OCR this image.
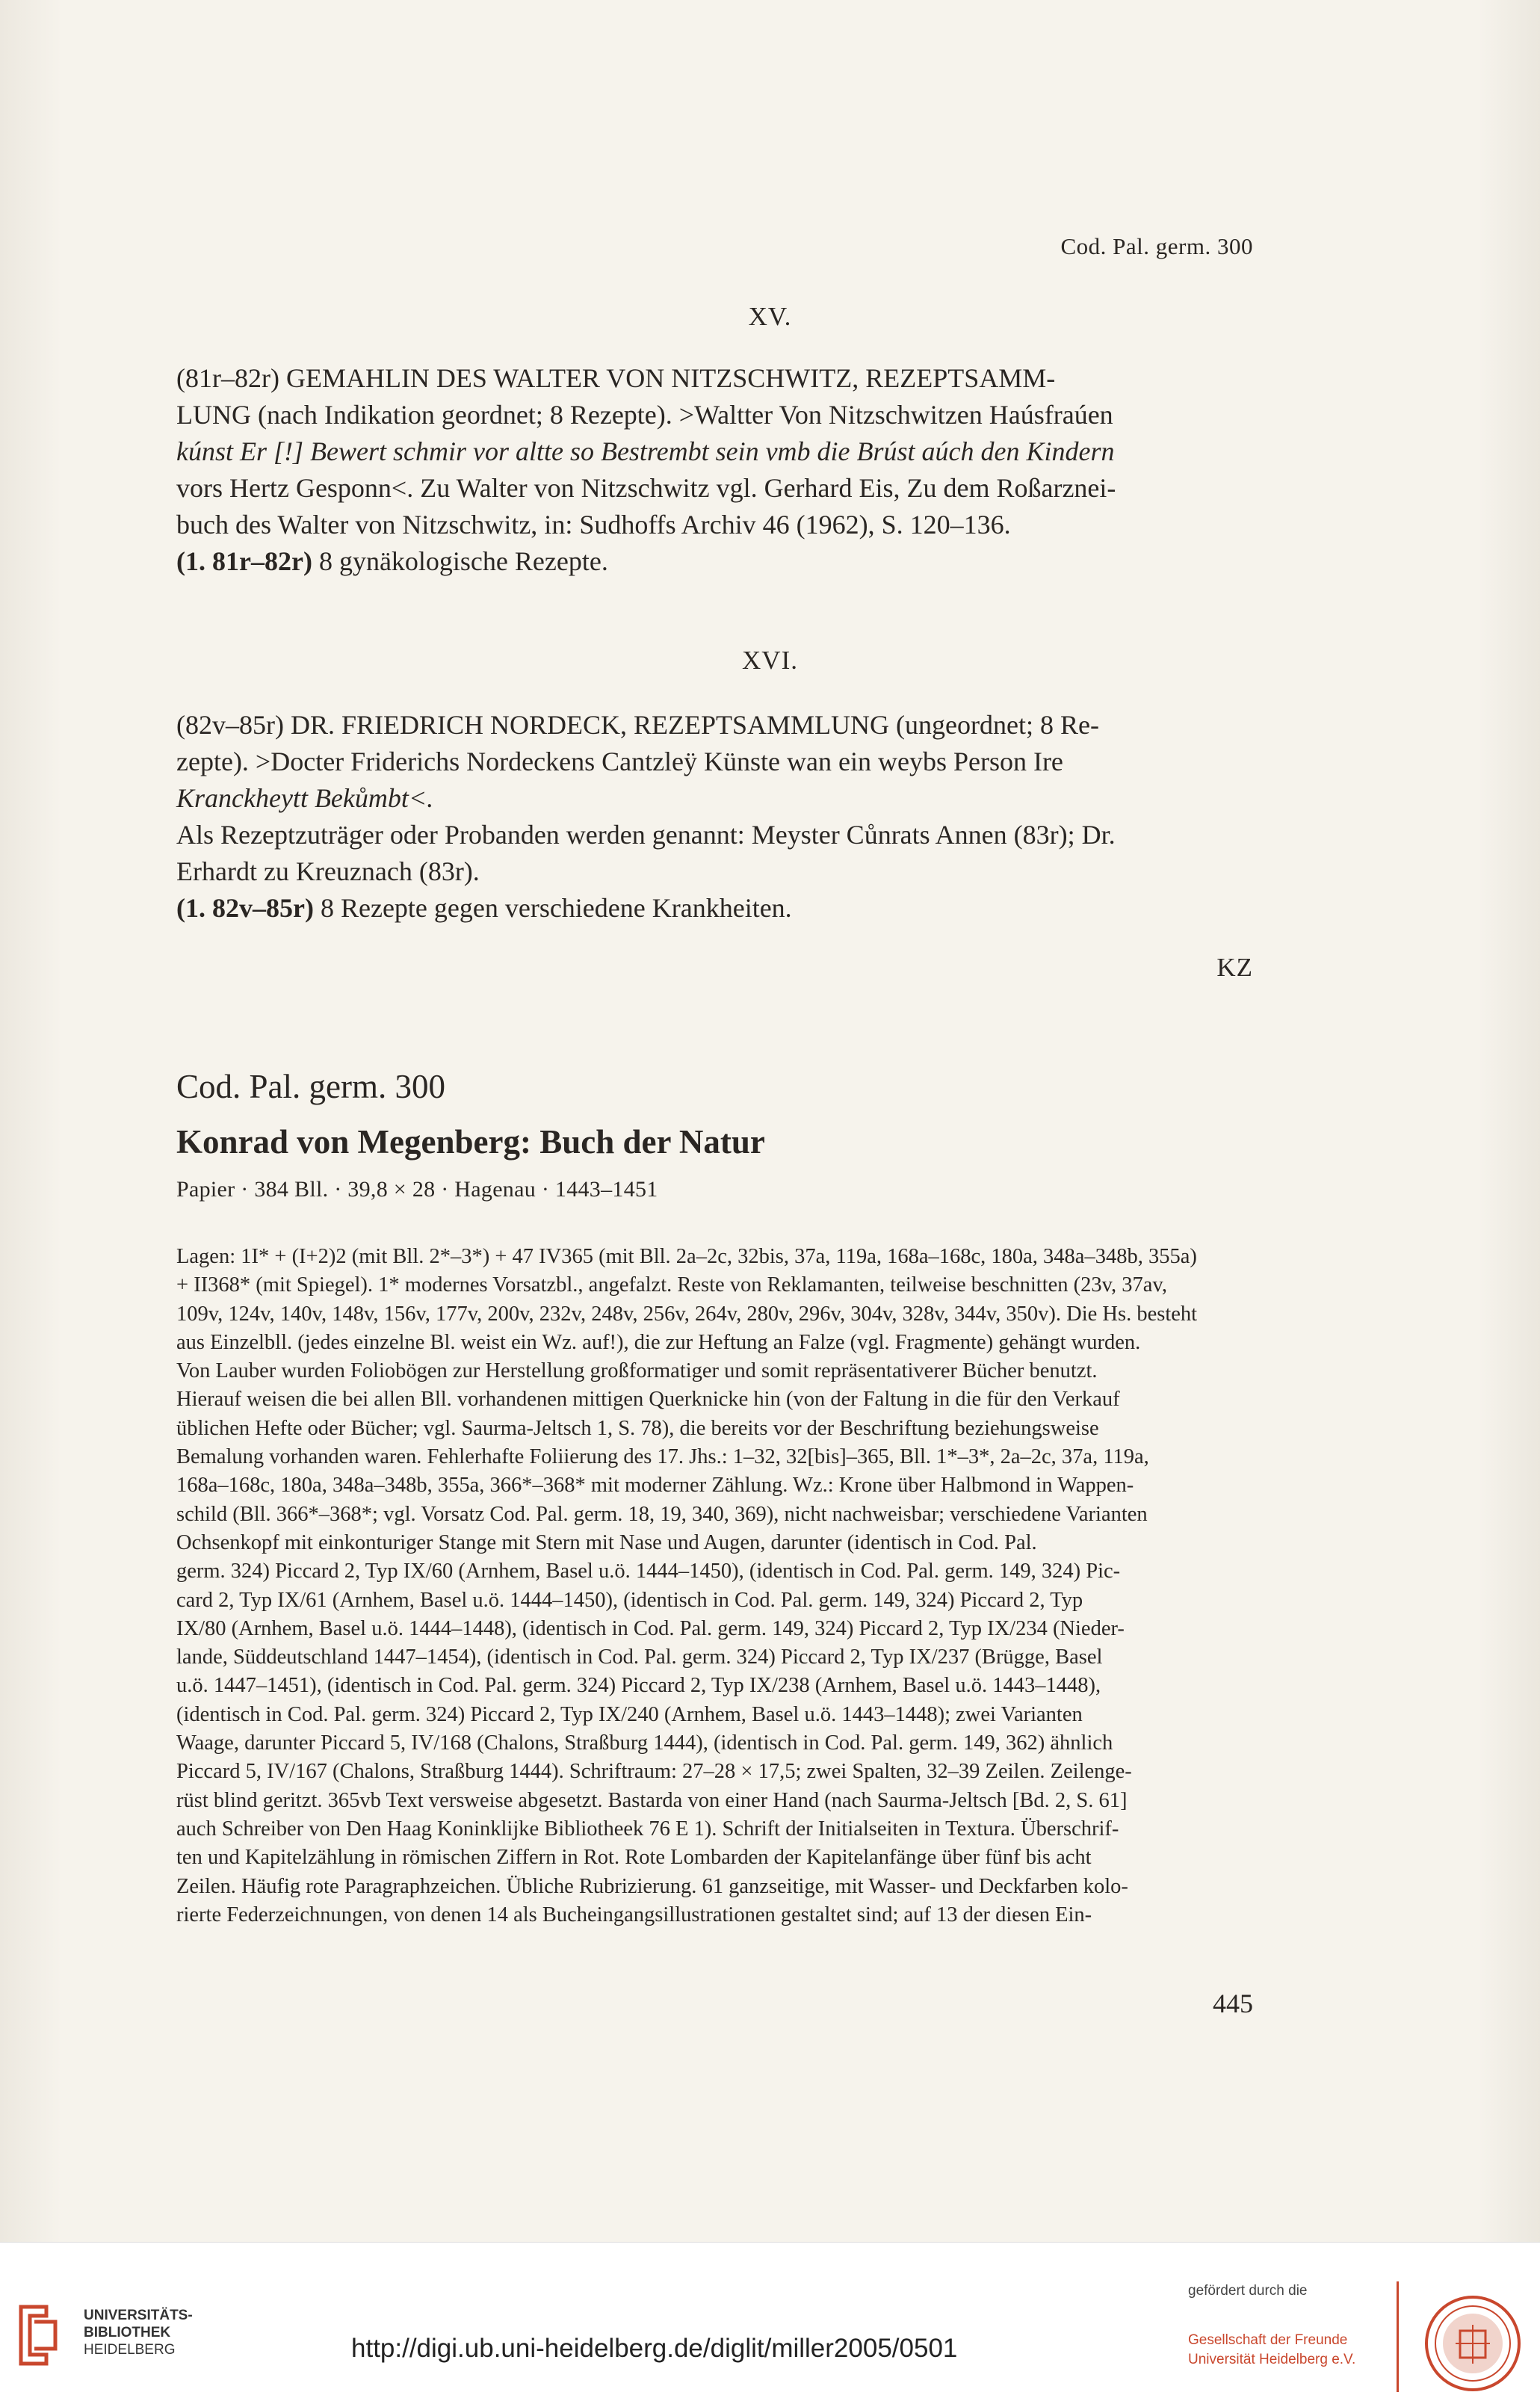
Cod. Pal. germ. 300
XV.

(81r–82r) GEMAHLIN DES WALTER VON NITZSCHWITZ, REZEPTSAMM-

LUNG (nach Indikation geordnet; 8 Rezepte). >Waltter Von Nitzschwitzen Haúsfraúen

kúnst Er [!] Bewert schmir vor altte so Bestrembt sein vmb die Brúst aúch den Kindern

vors Hertz Gesponn<. Zu Walter von Nitzschwitz vgl. Gerhard Eis, Zu dem Roßarznei-

buch des Walter von Nitzschwitz, in: Sudhoffs Archiv 46 (1962), S. 120–136.

(1. 81r–82r) 8 gynäkologische Rezepte.

XVI.

(82v–85r) DR. FRIEDRICH NORDECK, REZEPTSAMMLUNG (ungeordnet; 8 Re-

zepte). >Docter Friderichs Nordeckens Cantzleÿ Künste wan ein weybs Person Ire

Kranckheytt Bekůmbt<.

Als Rezeptzuträger oder Probanden werden genannt: Meyster Cůnrats Annen (83r); Dr.

Erhardt zu Kreuznach (83r).

(1. 82v–85r) 8 Rezepte gegen verschiedene Krankheiten.

KZ
Cod. Pal. germ. 300
Konrad von Megenberg: Buch der Natur
Papier · 384 Bll. · 39,8 × 28 · Hagenau · 1443–1451

Lagen: 1I* + (I+2)2 (mit Bll. 2*–3*) + 47 IV365 (mit Bll. 2a–2c, 32bis, 37a, 119a, 168a–168c, 180a, 348a–348b, 355a)

+ II368* (mit Spiegel). 1* modernes Vorsatzbl., angefalzt. Reste von Reklamanten, teilweise beschnitten (23v, 37av,

109v, 124v, 140v, 148v, 156v, 177v, 200v, 232v, 248v, 256v, 264v, 280v, 296v, 304v, 328v, 344v, 350v). Die Hs. besteht

aus Einzelbll. (jedes einzelne Bl. weist ein Wz. auf!), die zur Heftung an Falze (vgl. Fragmente) gehängt wurden.

Von Lauber wurden Foliobögen zur Herstellung großformatiger und somit repräsentativerer Bücher benutzt.

Hierauf weisen die bei allen Bll. vorhandenen mittigen Querknicke hin (von der Faltung in die für den Verkauf

üblichen Hefte oder Bücher; vgl. Saurma-Jeltsch 1, S. 78), die bereits vor der Beschriftung beziehungsweise

Bemalung vorhanden waren. Fehlerhafte Foliierung des 17. Jhs.: 1–32, 32[bis]–365, Bll. 1*–3*, 2a–2c, 37a, 119a,

168a–168c, 180a, 348a–348b, 355a, 366*–368* mit moderner Zählung. Wz.: Krone über Halbmond in Wappen-

schild (Bll. 366*–368*; vgl. Vorsatz Cod. Pal. germ. 18, 19, 340, 369), nicht nachweisbar; verschiedene Varianten

Ochsenkopf mit einkonturiger Stange mit Stern mit Nase und Augen, darunter (identisch in Cod. Pal.

germ. 324) Piccard 2, Typ IX/60 (Arnhem, Basel u.ö. 1444–1450), (identisch in Cod. Pal. germ. 149, 324) Pic-

card 2, Typ IX/61 (Arnhem, Basel u.ö. 1444–1450), (identisch in Cod. Pal. germ. 149, 324) Piccard 2, Typ

IX/80 (Arnhem, Basel u.ö. 1444–1448), (identisch in Cod. Pal. germ. 149, 324) Piccard 2, Typ IX/234 (Nieder-

lande, Süddeutschland 1447–1454), (identisch in Cod. Pal. germ. 324) Piccard 2, Typ IX/237 (Brügge, Basel

u.ö. 1447–1451), (identisch in Cod. Pal. germ. 324) Piccard 2, Typ IX/238 (Arnhem, Basel u.ö. 1443–1448),

(identisch in Cod. Pal. germ. 324) Piccard 2, Typ IX/240 (Arnhem, Basel u.ö. 1443–1448); zwei Varianten

Waage, darunter Piccard 5, IV/168 (Chalons, Straßburg 1444), (identisch in Cod. Pal. germ. 149, 362) ähnlich

Piccard 5, IV/167 (Chalons, Straßburg 1444). Schriftraum: 27–28 × 17,5; zwei Spalten, 32–39 Zeilen. Zeilenge-

rüst blind geritzt. 365vb Text versweise abgesetzt. Bastarda von einer Hand (nach Saurma-Jeltsch [Bd. 2, S. 61]

auch Schreiber von Den Haag Koninklijke Bibliotheek 76 E 1). Schrift der Initialseiten in Textura. Überschrif-

ten und Kapitelzählung in römischen Ziffern in Rot. Rote Lombarden der Kapitelanfänge über fünf bis acht

Zeilen. Häufig rote Paragraphzeichen. Übliche Rubrizierung. 61 ganzseitige, mit Wasser- und Deckfarben kolo-

rierte Federzeichnungen, von denen 14 als Bucheingangsillustrationen gestaltet sind; auf 13 der diesen Ein-

445
UNIVERSITÄTS-
BIBLIOTHEK
HEIDELBERG	http://digi.ub.uni-heidelberg.de/diglit/miller2005/0501
gefördert durch die
Gesellschaft der Freunde
Universität Heidelberg e.V.
